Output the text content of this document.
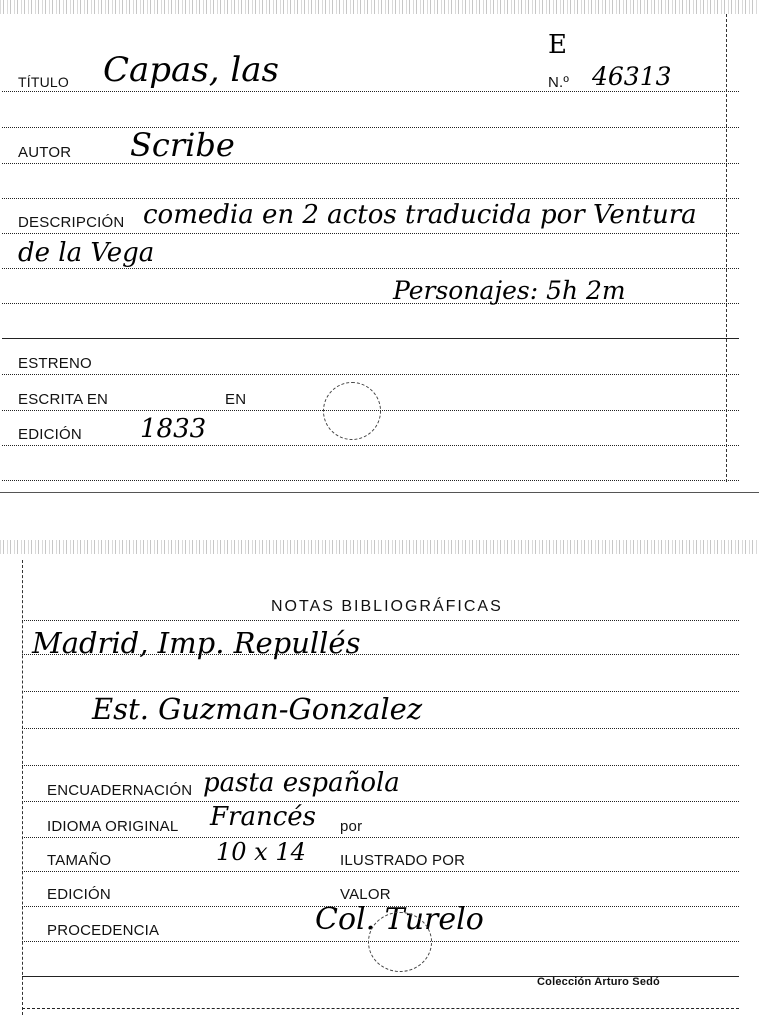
TÍTULO Capas, las
E
N.º 46313
AUTOR Scribe
DESCRIPCIÓN comedia en 2 actos traducida por Ventura
de la Vega
Personajes: 5h 2m
ESTRENO
ESCRITA EN	EN
EDICIÓN 1833
NOTAS BIBLIOGRÁFICAS
Madrid, Imp. Repullés
Est. Guzman-Gonzalez
ENCUADERNACIÓN pasta española
IDIOMA ORIGINAL Francés por
TAMAÑO	10 x 14 ILUSTRADO POR
EDICIÓN	VALOR
PROCEDENCIA	Col. Turelo
Colección Arturo Sedó
